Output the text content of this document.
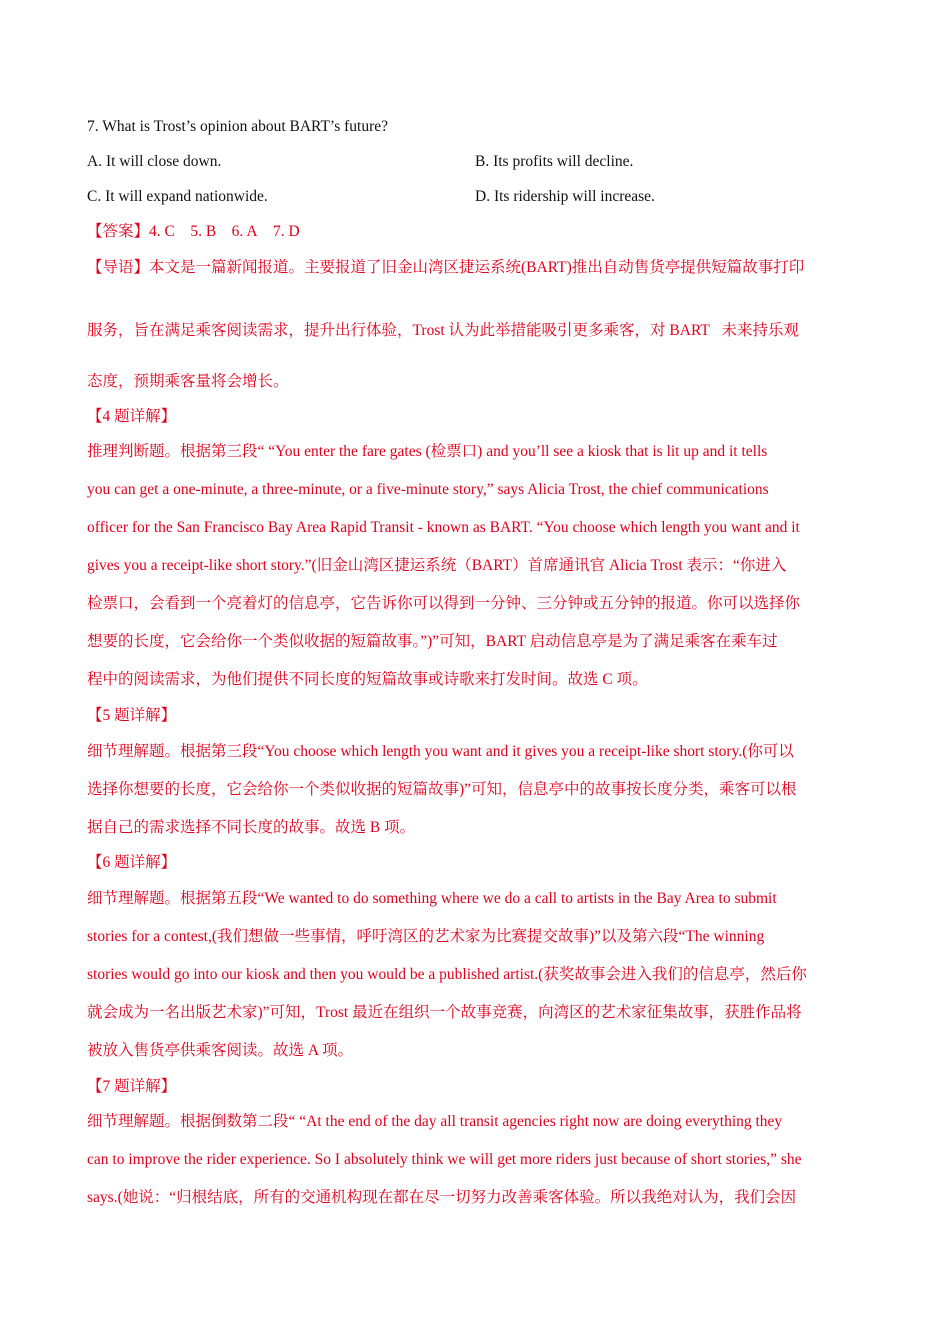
7. What is Trost’s opinion about BART’s future?
A. It will close down.	B. Its profits will decline.
C. It will expand nationwide.	D. Its ridership will increase.
【答案】4. C    5. B    6. A    7. D
【导语】本文是一篇新闻报道。主要报道了旧金山湾区捷运系统(BART)推出自动售货亭提供短篇故事打印
服务，旨在满足乘客阅读需求，提升出行体验，Trost 认为此举措能吸引更多乘客，对 BART   未来持乐观
态度，预期乘客量将会增长。
【4 题详解】
推理判断题。根据第三段“ “You enter the fare gates (检票口) and you’ll see a kiosk that is lit up and it tells
you can get a one-minute, a three-minute, or a five-minute story,” says Alicia Trost, the chief communications
officer for the San Francisco Bay Area Rapid Transit - known as BART. “You choose which length you want and it
gives you a receipt-like short story.”(旧金山湾区捷运系统（BART）首席通讯官 Alicia Trost 表示：“你进入
检票口，会看到一个亮着灯的信息亭，它告诉你可以得到一分钟、三分钟或五分钟的报道。你可以选择你
想要的长度，它会给你一个类似收据的短篇故事。”)”可知，BART 启动信息亭是为了满足乘客在乘车过
程中的阅读需求，为他们提供不同长度的短篇故事或诗歌来打发时间。故选 C 项。
【5 题详解】
细节理解题。根据第三段“You choose which length you want and it gives you a receipt-like short story.(你可以
选择你想要的长度，它会给你一个类似收据的短篇故事)”可知，信息亭中的故事按长度分类，乘客可以根
据自己的需求选择不同长度的故事。故选 B 项。
【6 题详解】
细节理解题。根据第五段“We wanted to do something where we do a call to artists in the Bay Area to submit
stories for a contest,(我们想做一些事情，呼吁湾区的艺术家为比赛提交故事)”以及第六段“The winning
stories would go into our kiosk and then you would be a published artist.(获奖故事会进入我们的信息亭，然后你
就会成为一名出版艺术家)”可知，Trost 最近在组织一个故事竞赛，向湾区的艺术家征集故事，获胜作品将
被放入售货亭供乘客阅读。故选 A 项。
【7 题详解】
细节理解题。根据倒数第二段“ “At the end of the day all transit agencies right now are doing everything they
can to improve the rider experience. So I absolutely think we will get more riders just because of short stories,” she
says.(她说：“归根结底，所有的交通机构现在都在尽一切努力改善乘客体验。所以我绝对认为，我们会因
